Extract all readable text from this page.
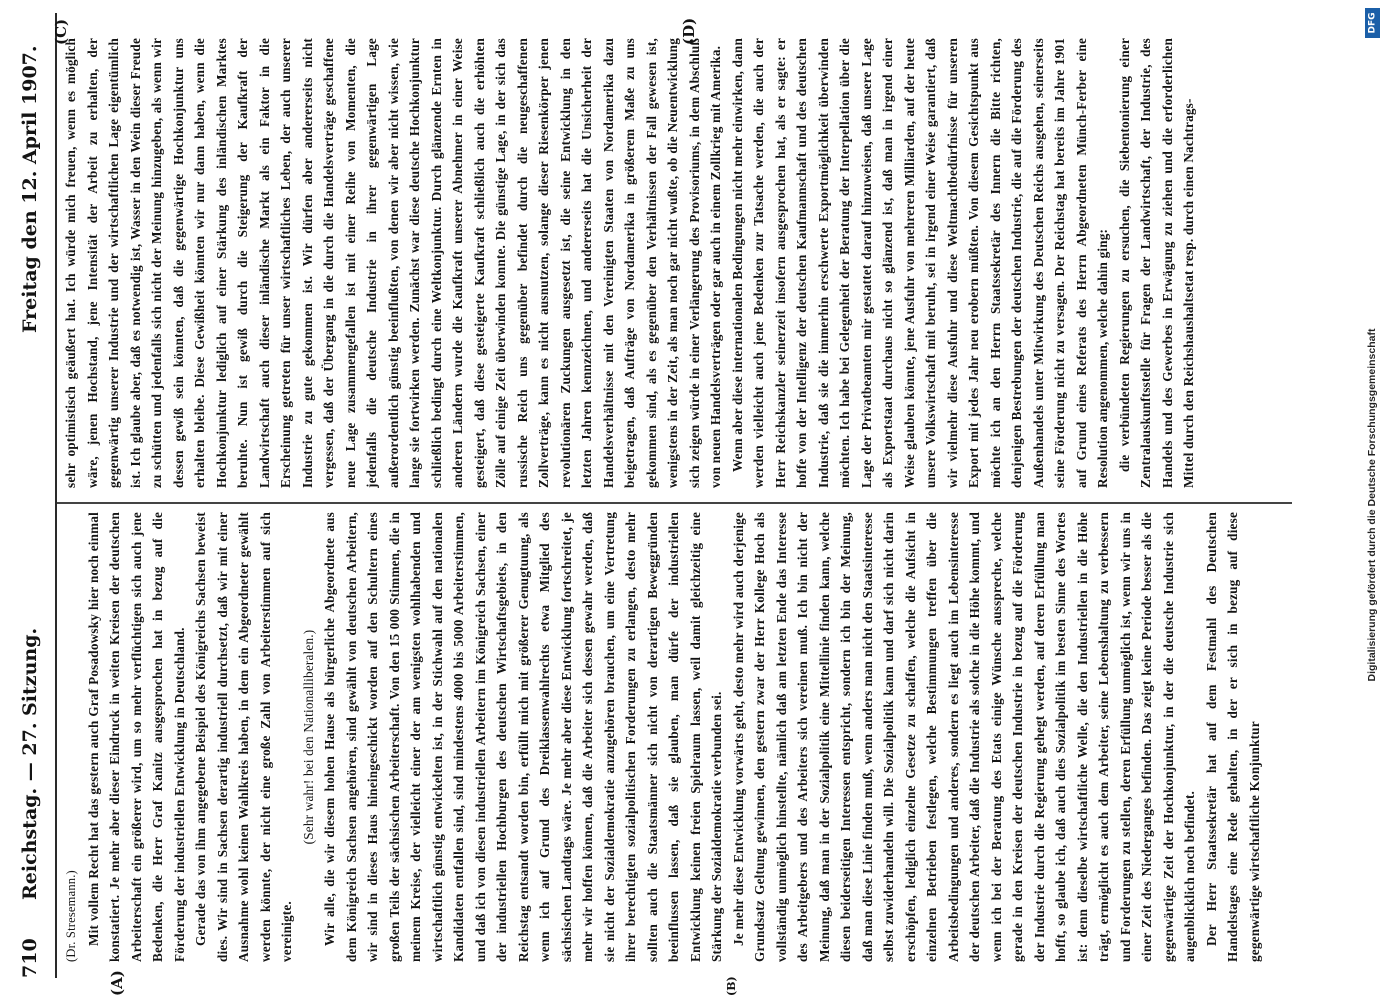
710
Reichstag. — 27. Sitzung.
Freitag den 12. April 1907.
(A)	(B)
(C)	(D)

(Dr. Stresemann.) Mit vollem Recht hat das gestern auch Graf Posadowsky hier noch einmal konstatiert. Je mehr aber dieser Eindruck in weiten Kreisen der deutschen Arbeiterschaft ein größerer wird, um so mehr verflüchtigen sich auch jene Bedenken, die Herr Graf Kanitz ausgesprochen hat in bezug auf die Förderung der industriellen Entwicklung in Deutschland. Gerade das von ihm angegebene Beispiel des Königreichs Sachsen beweist dies. Wir sind in Sachsen derartig industriell durchsetzt, daß wir mit einer Ausnahme wohl keinen Wahlkreis haben, in dem ein Abgeordneter gewählt werden könnte, der nicht eine große Zahl von Arbeiterstimmen auf sich vereinigte.

(Sehr wahr! bei den Nationalliberalen.) Wir alle, die wir diesem hohen Hause als bürgerliche Abgeordnete aus dem Königreich Sachsen angehören, sind gewählt von deutschen Arbeitern, wir sind in dieses Haus hineingeschickt worden auf den Schultern eines großen Teils der sächsischen Arbeiterschaft. Von den 15 000 Stimmen, die in meinem Kreise, der vielleicht einer der am wenigsten wohlhabenden und wirtschaftlich günstig entwickelten ist, in der Stichwahl auf den nationalen Kandidaten entfallen sind, sind mindestens 4000 bis 5000 Arbeiterstimmen, und daß ich von diesen industriellen Arbeitern im Königreich Sachsen, einer der industriellen Hochburgen des deutschen Wirtschaftsgebiets, in den Reichstag entsandt worden bin, erfüllt mich mit größerer Genugtuung, als wenn ich auf Grund des Dreiklassenwahlrechts etwa Mitglied des sächsischen Landtags wäre. Je mehr aber diese Entwicklung fortschreitet, je mehr wir hoffen können, daß die Arbeiter sich dessen gewahr werden, daß sie nicht der Sozialdemokratie anzugehören brauchen, um eine Vertretung ihrer berechtigten sozialpolitischen Forderungen zu erlangen, desto mehr sollten auch die Staatsmänner sich nicht von derartigen Beweggründen beeinflussen lassen, daß sie glauben, man dürfe der industriellen Entwicklung keinen freien Spielraum lassen, weil damit gleichzeitig eine Stärkung der Sozialdemokratie verbunden sei. Je mehr diese Entwicklung vorwärts geht, desto mehr wird auch derjenige Grundsatz Geltung gewinnen, den gestern zwar der Herr Kollege Hoch als vollständig unmöglich hinstellte, nämlich daß am letzten Ende das Interesse des Arbeitgebers und des Arbeiters sich vereinen muß. Ich bin nicht der Meinung, daß man in der Sozialpolitik eine Mittellinie finden kann, welche diesen beiderseitigen Interessen entspricht, sondern ich bin der Meinung, daß man diese Linie finden muß, wenn anders man nicht den Staatsinteresse selbst zuwiderhandeln will. Die Sozialpolitik kann und darf sich nicht darin erschöpfen, lediglich einzelne Gesetze zu schaffen, welche die Aufsicht in einzelnen Betrieben festlegen, welche Bestimmungen treffen über die Arbeitsbedingungen und anderes, sondern es liegt auch im Lebensinteresse der deutschen Arbeiter, daß die Industrie als solche in die Höhe kommt, und wenn ich bei der Beratung des Etats einige Wünsche ausspreche, welche gerade in den Kreisen der deutschen Industrie in bezug auf die Förderung der Industrie durch die Regierung gehegt werden, auf deren Erfüllung man hofft, so glaube ich, daß auch dies Sozialpolitik im besten Sinne des Wortes ist: denn dieselbe wirtschaftliche Welle, die den Industriellen in die Höhe trägt, ermöglicht es auch dem Arbeiter, seine Lebenshaltung zu verbessern und Forderungen zu stellen, deren Erfüllung unmöglich ist, wenn wir uns in einer Zeit des Niederganges befinden. Das zeigt keine Periode besser als die gegenwärtige Zeit der Hochkonjunktur, in der die deutsche Industrie sich augenblicklich noch befindet. Der Herr Staatssekretär hat auf dem Festmahl des Deutschen Handelstages eine Rede gehalten, in der er sich in bezug auf diese gegenwärtige wirtschaftliche Konjunktur

sehr optimistisch geäußert hat. Ich würde mich freuen, wenn es möglich wäre, jenen Hochstand, jene Intensität der Arbeit zu erhalten, der gegenwärtig unserer Industrie und der wirtschaftlichen Lage eigentümlich ist. Ich glaube aber, daß es notwendig ist, Wasser in den Wein dieser Freude zu schütten und jedenfalls sich nicht der Meinung hinzugeben, als wenn wir dessen gewiß sein könnten, daß die gegenwärtige Hochkonjunktur uns erhalten bleibe. Diese Gewißheit könnten wir nur dann haben, wenn die Hochkonjunktur lediglich auf einer Stärkung des inländischen Marktes beruhte. Nun ist gewiß durch die Steigerung der Kaufkraft der Landwirtschaft auch dieser inländische Markt als ein Faktor in die Erscheinung getreten für unser wirtschaftliches Leben, der auch unserer Industrie zu gute gekommen ist. Wir dürfen aber andererseits nicht vergessen, daß der Übergang in die durch die Handelsverträge geschaffene neue Lage zusammengefallen ist mit einer Reihe von Momenten, die jedenfalls die deutsche Industrie in ihrer gegenwärtigen Lage außerordentlich günstig beeinflußten, von denen wir aber nicht wissen, wie lange sie fortwirken werden. Zunächst war diese deutsche Hochkonjunktur schließlich bedingt durch eine Weltkonjunktur. Durch glänzende Ernten in anderen Ländern wurde die Kaufkraft unserer Abnehmer in einer Weise gesteigert, daß diese gesteigerte Kaufkraft schließlich auch die erhöhten Zölle auf einige Zeit überwinden konnte. Die günstige Lage, in der sich das russische Reich uns gegenüber befindet durch die neugeschaffenen Zollverträge, kann es nicht ausnutzen, solange dieser Riesenkörper jenen revolutionären Zuckungen ausgesetzt ist, die seine Entwicklung in den letzten Jahren kennzeichnen, und andererseits hat die Unsicherheit der Handelsverhältnisse mit den Vereinigten Staaten von Nordamerika dazu beigetragen, daß Aufträge von Nordamerika in größerem Maße zu uns gekommen sind, als es gegenüber den Verhältnissen der Fall gewesen ist, wenigstens in der Zeit, als man noch gar nicht wußte, ob die Neuentwicklung sich zeigen würde in einer Verlängerung des Provisoriums, in dem Abschluß von neuen Handelsverträgen oder gar auch in einem Zollkrieg mit Amerika. Wenn aber diese internationalen Bedingungen nicht mehr einwirken, dann werden vielleicht auch jene Bedenken zur Tatsache werden, die auch der Herr Reichskanzler seinerzeit insofern ausgesprochen hat, als er sagte: er hoffe von der Intelligenz der deutschen Kaufmannschaft und des deutschen Industrie, daß sie die immerhin erschwerte Exportmöglichkeit überwinden möchten. Ich habe bei Gelegenheit der Beratung der Interpellation über die Lage der Privatbeamten mir gestattet darauf hinzuweisen, daß unsere Lage als Exportstaat durchaus nicht so glänzend ist, daß man in irgend einer Weise glauben könnte, jene Ausfuhr von mehreren Milliarden, auf der heute unsere Volkswirtschaft mit beruht, sei in irgend einer Weise garantiert, daß wir vielmehr diese Ausfuhr und diese Weltmachtbedürfnisse für unseren Export mit jedes Jahr neu erobern müßten. Von diesem Gesichtspunkt aus möchte ich an den Herrn Staatssekretär des Innern die Bitte richten, denjenigen Bestrebungen der deutschen Industrie, die auf die Förderung des Außenhandels unter Mitwirkung des Deutschen Reichs ausgehen, seinerseits seine Förderung nicht zu versagen. Der Reichstag hat bereits im Jahre 1901 auf Grund eines Referats des Herrn Abgeordneten Münch-Ferber eine Resolution angenommen, welche dahin ging: die verbündeten Regierungen zu ersuchen, die Siebentonierung einer Zentralauskunftsstelle für Fragen der Landwirtschaft, der Industrie, des Handels und des Gewerbes in Erwägung zu ziehen und die erforderlichen Mittel durch den Reichshaushaltsetat resp. durch einen Nachtrags-

DFG
Digitalisierung gefördert durch die Deutsche Forschungsgemeinschaft
